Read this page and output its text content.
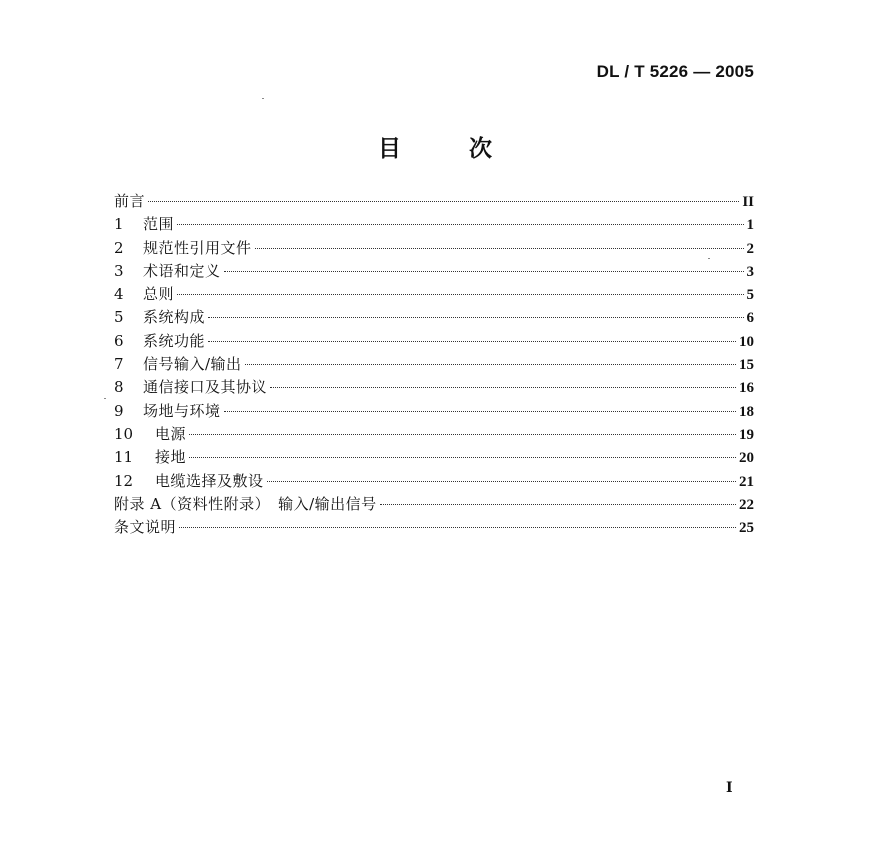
DL / T 5226 — 2005
目	次
前言	II
1	范围	1
2	规范性引用文件	2
3	术语和定义	3
4	总则	5
5	系统构成	6
6	系统功能	10
7	信号输入/输出	15
8	通信接口及其协议	16
9	场地与环境	18
10	电源	19
11	接地	20
12	电缆选择及敷设	21
附录 A（资料性附录）　输入/输出信号	22
条文说明	25
I
